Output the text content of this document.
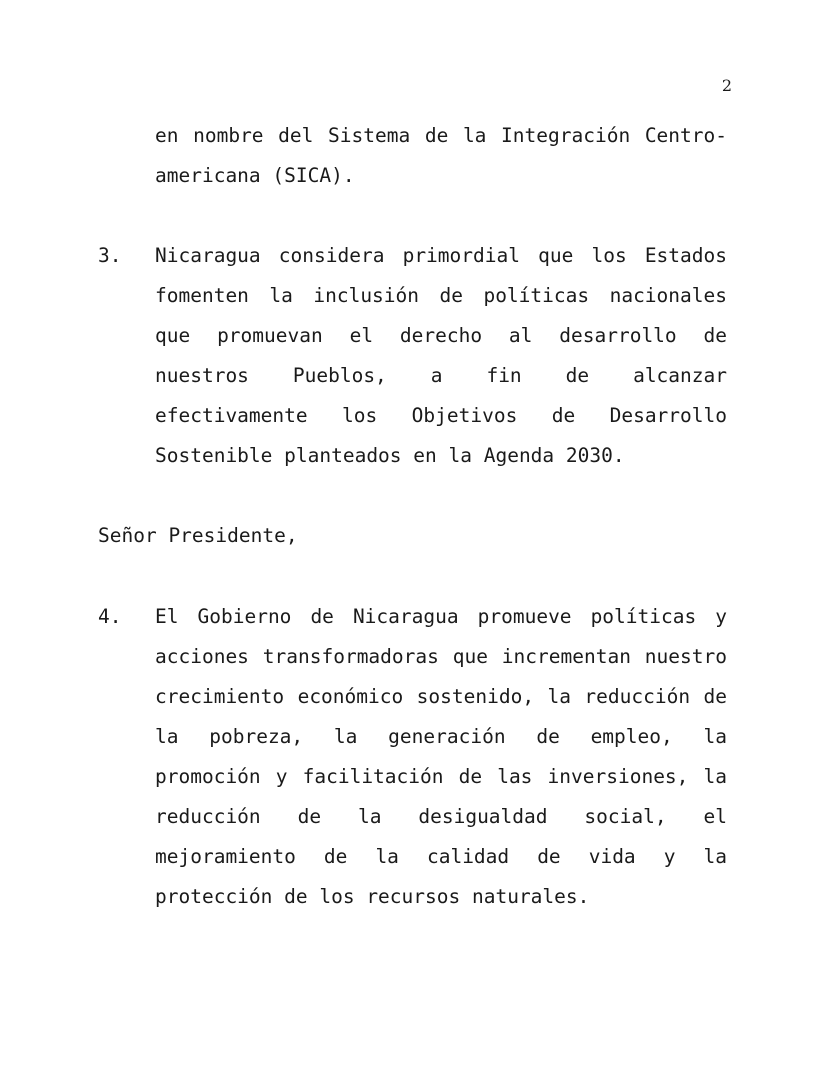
2
en nombre del Sistema de la Integración Centro-americana (SICA).
3. Nicaragua considera primordial que los Estados fomenten la inclusión de políticas nacionales que promuevan el derecho al desarrollo de nuestros Pueblos, a fin de alcanzar efectivamente los Objetivos de Desarrollo Sostenible planteados en la Agenda 2030.
Señor Presidente,
4. El Gobierno de Nicaragua promueve políticas y acciones transformadoras que incrementan nuestro crecimiento económico sostenido, la reducción de la pobreza, la generación de empleo, la promoción y facilitación de las inversiones, la reducción de la desigualdad social, el mejoramiento de la calidad de vida y la protección de los recursos naturales.
